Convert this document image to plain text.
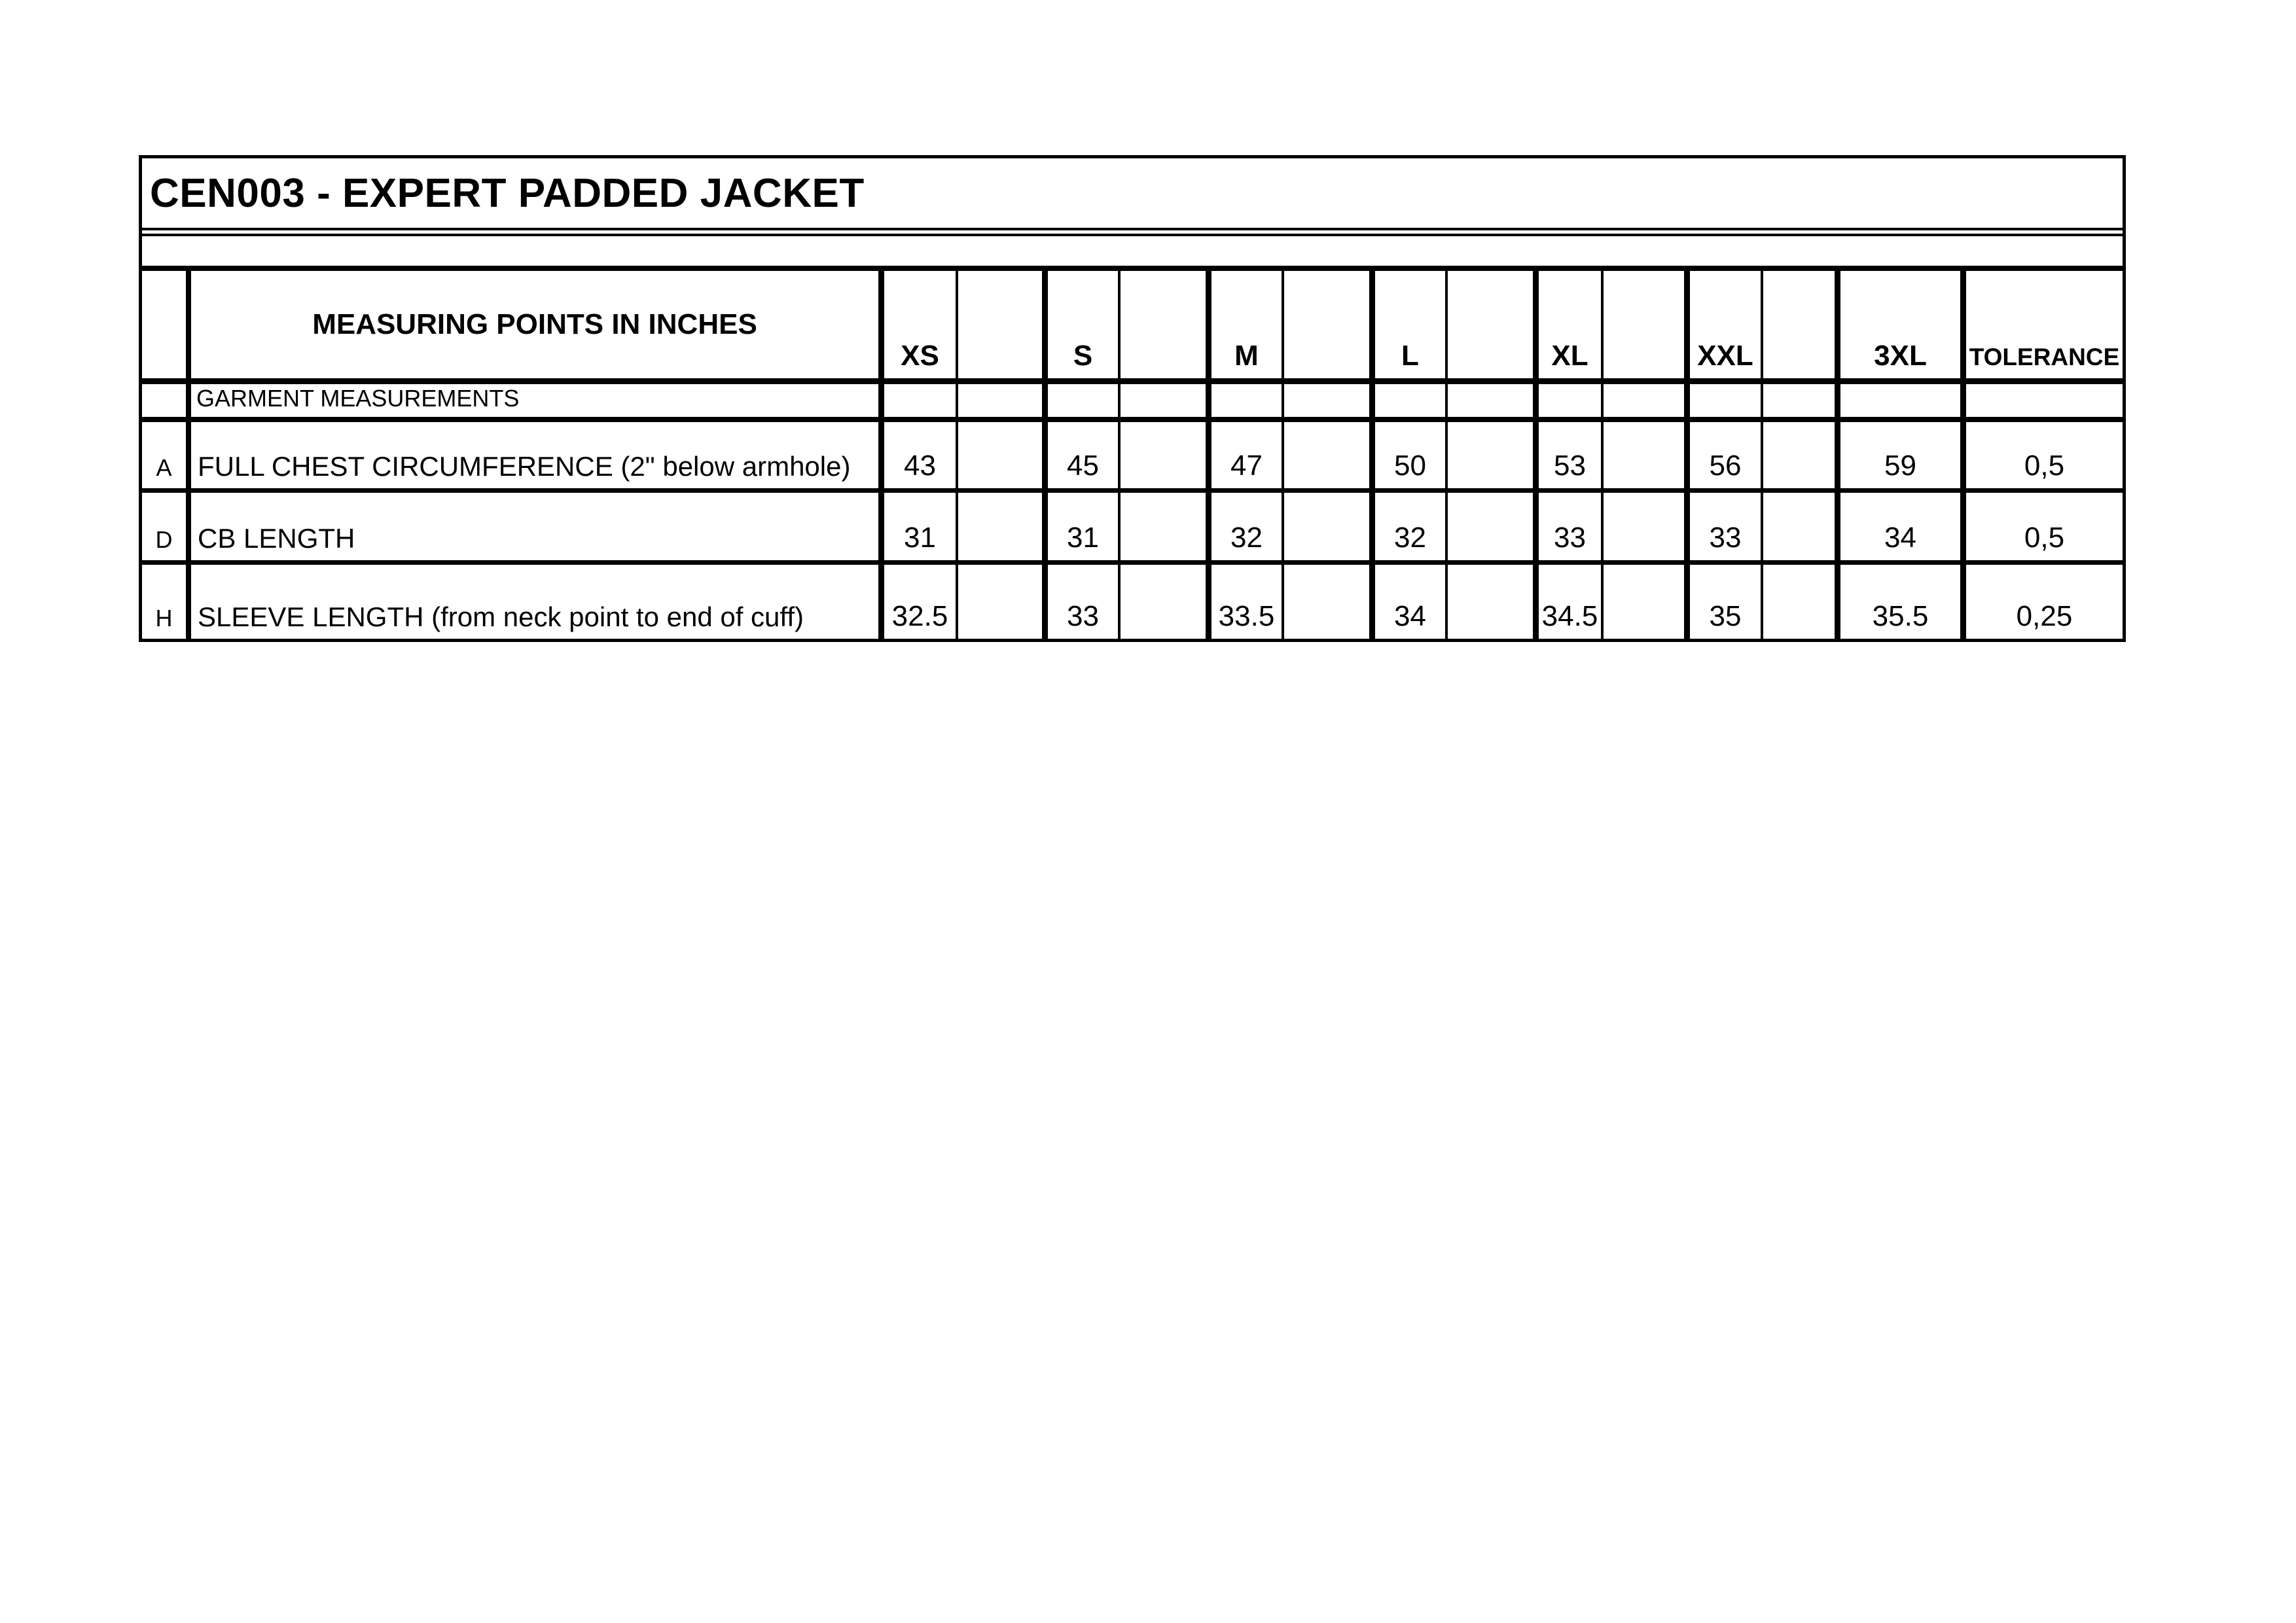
CEN003 - EXPERT PADDED JACKET
MEASURING POINTS IN INCHES
XS	S	M	L	XL	XXL	3XL	TOLERANCE
GARMENT MEASUREMENTS
A FULL CHEST CIRCUMFERENCE (2" below armhole)	43	45	47	50	53	56	59	0,5
D CB LENGTH	31	31	32	32	33	33	34	0,5
H SLEEVE LENGTH (from neck point to end of cuff)	32.5	33	33.5	34	34.5	35	35.5	0,25
